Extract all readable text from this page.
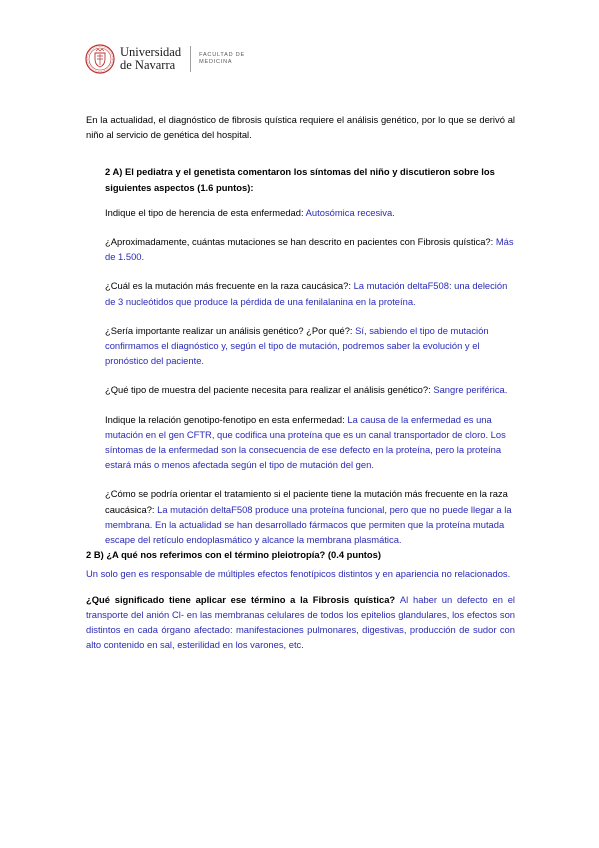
Universidad
de Navarra
FACULTAD DE
MEDICINA

En la actualidad, el diagnóstico de fibrosis quística requiere el análisis genético, por lo que se derivó al niño al servicio de genética del hospital.

2 A) El pediatra y el genetista comentaron los síntomas del niño y discutieron sobre los siguientes aspectos (1.6 puntos):

Indique el tipo de herencia de esta enfermedad: Autosómica recesiva.

¿Aproximadamente, cuántas mutaciones se han descrito en pacientes con Fibrosis quística?: Más de 1.500.

¿Cuál es la mutación más frecuente en la raza caucásica?: La mutación deltaF508: una deleción de 3 nucleótidos que produce la pérdida de una fenilalanina en la proteína.

¿Sería importante realizar un análisis genético? ¿Por qué?: Sí, sabiendo el tipo de mutación confirmamos el diagnóstico y, según el tipo de mutación, podremos saber la evolución y el pronóstico del paciente.

¿Qué tipo de muestra del paciente necesita para realizar el análisis genético?: Sangre periférica.

Indique la relación genotipo-fenotipo en esta enfermedad: La causa de la enfermedad es una mutación en el gen CFTR, que codifica una proteína que es un canal transportador de cloro. Los síntomas de la enfermedad son la consecuencia de ese defecto en la proteína, pero la proteína estará más o menos afectada según el tipo de mutación del gen.

¿Cómo se podría orientar el tratamiento si el paciente tiene la mutación más frecuente en la raza caucásica?: La mutación deltaF508 produce una proteína funcional, pero que no puede llegar a la membrana. En la actualidad se han desarrollado fármacos que permiten que la proteína mutada escape del retículo endoplasmático y alcance la membrana plasmática.

2 B) ¿A qué nos referimos con el término pleiotropía? (0.4 puntos)

Un solo gen es responsable de múltiples efectos fenotípicos distintos y en apariencia no relacionados.

¿Qué significado tiene aplicar ese término a la Fibrosis quística? Al haber un defecto en el transporte del anión Cl- en las membranas celulares de todos los epitelios glandulares, los efectos son distintos en cada órgano afectado: manifestaciones pulmonares, digestivas, producción de sudor con alto contenido en sal, esterilidad en los varones, etc.
